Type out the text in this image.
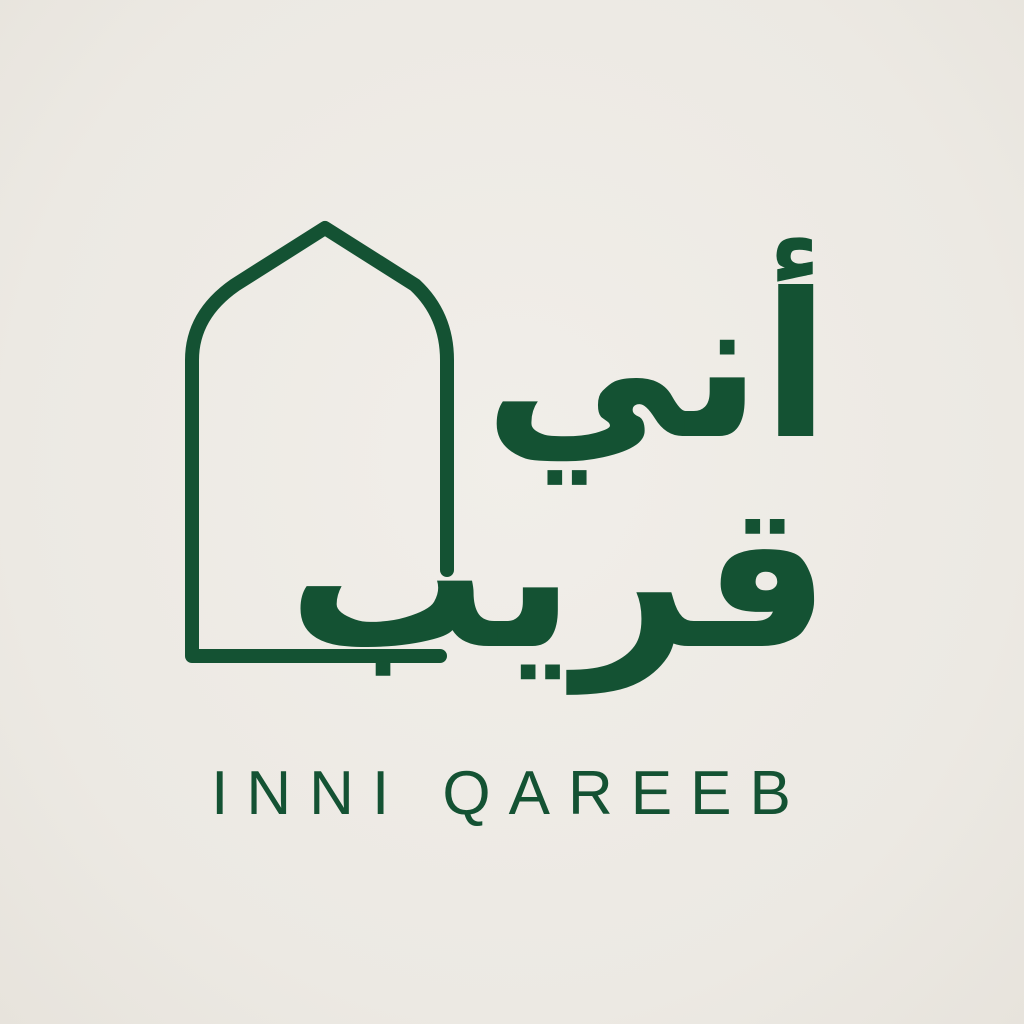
أني
قريب
INNI QAREEB
